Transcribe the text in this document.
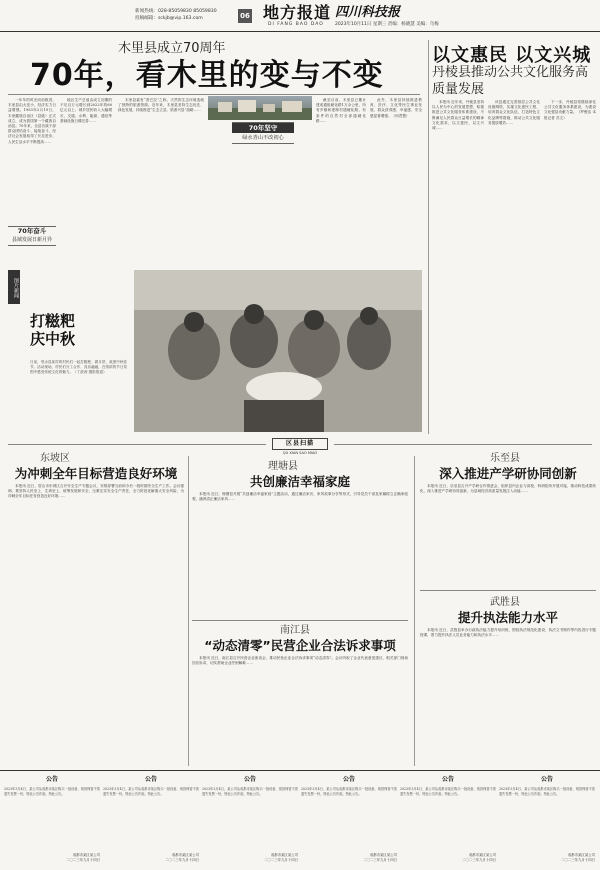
新闻热线：028-85059830 85059830
投稿邮箱：sckjb@vip.163.com	06 地方报道
DI FANG BAO DAO
四川科技报
2023年10月11日 星期三 责编：杨晓慧 美编：乌梅
木里县成立70周年
70年，看木里的变与不变

一年年的时光向前推进，木里县由大变小，经济实力日益增强。1953年2月19日，木里藏族自治区（县级）正式成立，成为我国第一个藏族自治县。70年来，全县各族干部群众团结奋斗、接续奋斗，经济社会发展取得了长足进步，人民生活水平不断提高……

地区生产总值由成立初期的不足百万元增长到2022年的60亿元以上；城乡居民收入大幅增长，交通、水利、能源、通信等基础设施日臻完善……

木里县素有“香巴拉”之称，天然的生态环境造就了独特的旅游资源。近年来，木里县坚持生态优先、绿色发展，持续推进“生态立县、旅游兴县”战略……

截至目前，木里县已累计建成通组硬化路1万余公里，所有乡镇和建制村通硬化路，有条件的自然村全部通硬化路……

此外，木里县持续推进教育、医疗、文化等民生事业发展，群众获得感、幸福感、安全感显著增强。（何君慧）

70年奋斗
县域发展日新月异
70年坚守
绿水青山不改初心
图片新闻
打糍粑
庆中秋
日前，邻水县某村的村民们一起打糍粑、做月饼，欢度中秋佳节。活动现场，村民们分工合作、其乐融融，在浓浓的节日氛围中感受传统文化的魅力。（丁波涛 摄影报道）
以文惠民 以文兴城
丹棱县推动公共文化服务高质量发展

本报讯 近年来，丹棱县坚持以人民为中心的发展思想，积极推进公共文化服务体系建设，不断满足人民群众日益增长的精神文化需求，以文惠民、以文兴城……

该县通过完善基层公共文化设施网络，实施文化惠民工程，培育群众文化队伍，打造特色文化品牌等措施，推动公共文化服务提质增效……

下一步，丹棱县将继续深化公共文化服务体系建设，为建设文化强县贡献力量。（罗俊洁 本报记者 苏文）

区县扫描
QU XIAN SAO MIAO
东坡区
为冲刺全年目标营造良好环境

本报讯 近日，眉山市东坡区召开安全生产专题会议，安排部署当前和今后一段时期安全生产工作。会议强调，要坚持人民至上、生命至上，统筹发展和安全，压紧压实安全生产责任，全力防范化解重大安全风险，为冲刺全年目标任务营造良好环境……

理塘县
共创廉洁幸福家庭

本报讯 近日，理塘县开展“共创廉洁幸福家庭”主题活动，通过廉洁家访、家风故事分享等形式，引导党员干部及家属树立正确家庭观，涵养清正廉洁家风……

南江县
“动态清零”民营企业合法诉求事项

本报讯 近日，南江县召开民营企业座谈会，推动民营企业合法诉求事项“动态清零”。会议听取了企业代表意见建议，相关部门现场回应诉求，切实帮助企业纾困解难……

乐至县
深入推进产学研协同创新

本报讯 近日，乐至县召开产学研合作推进会，组织县内企业与高校、科研院所开展对接，推动科技成果转化，深入推进产学研协同创新，为县域经济高质量发展注入动能……

武胜县
提升执法能力水平

本报讯 近日，武胜县举办行政执法能力提升培训班，围绕执法规范化建设、执法文书制作等内容进行专题授课，着力提升执法人员业务能力和执法水平……

公告
2023年3月4日，某公司从成都市某区购买一批设备，现因保管不善遗失发票一份，特此公告作废。特此公告。
成都市某区某公司
二〇二三年九月十四日
公告
2023年3月4日，某公司从成都市某区购买一批设备，现因保管不善遗失发票一份，特此公告作废。特此公告。
成都市某区某公司
二〇二三年九月十四日
公告
2023年3月4日，某公司从成都市某区购买一批设备，现因保管不善遗失发票一份，特此公告作废。特此公告。
成都市某区某公司
二〇二三年九月十四日
公告
2023年3月4日，某公司从成都市某区购买一批设备，现因保管不善遗失发票一份，特此公告作废。特此公告。
成都市某区某公司
二〇二三年九月十四日
公告
2023年3月4日，某公司从成都市某区购买一批设备，现因保管不善遗失发票一份，特此公告作废。特此公告。
成都市某区某公司
二〇二三年九月十四日
公告
2023年3月4日，某公司从成都市某区购买一批设备，现因保管不善遗失发票一份，特此公告作废。特此公告。
成都市某区某公司
二〇二三年九月十四日
